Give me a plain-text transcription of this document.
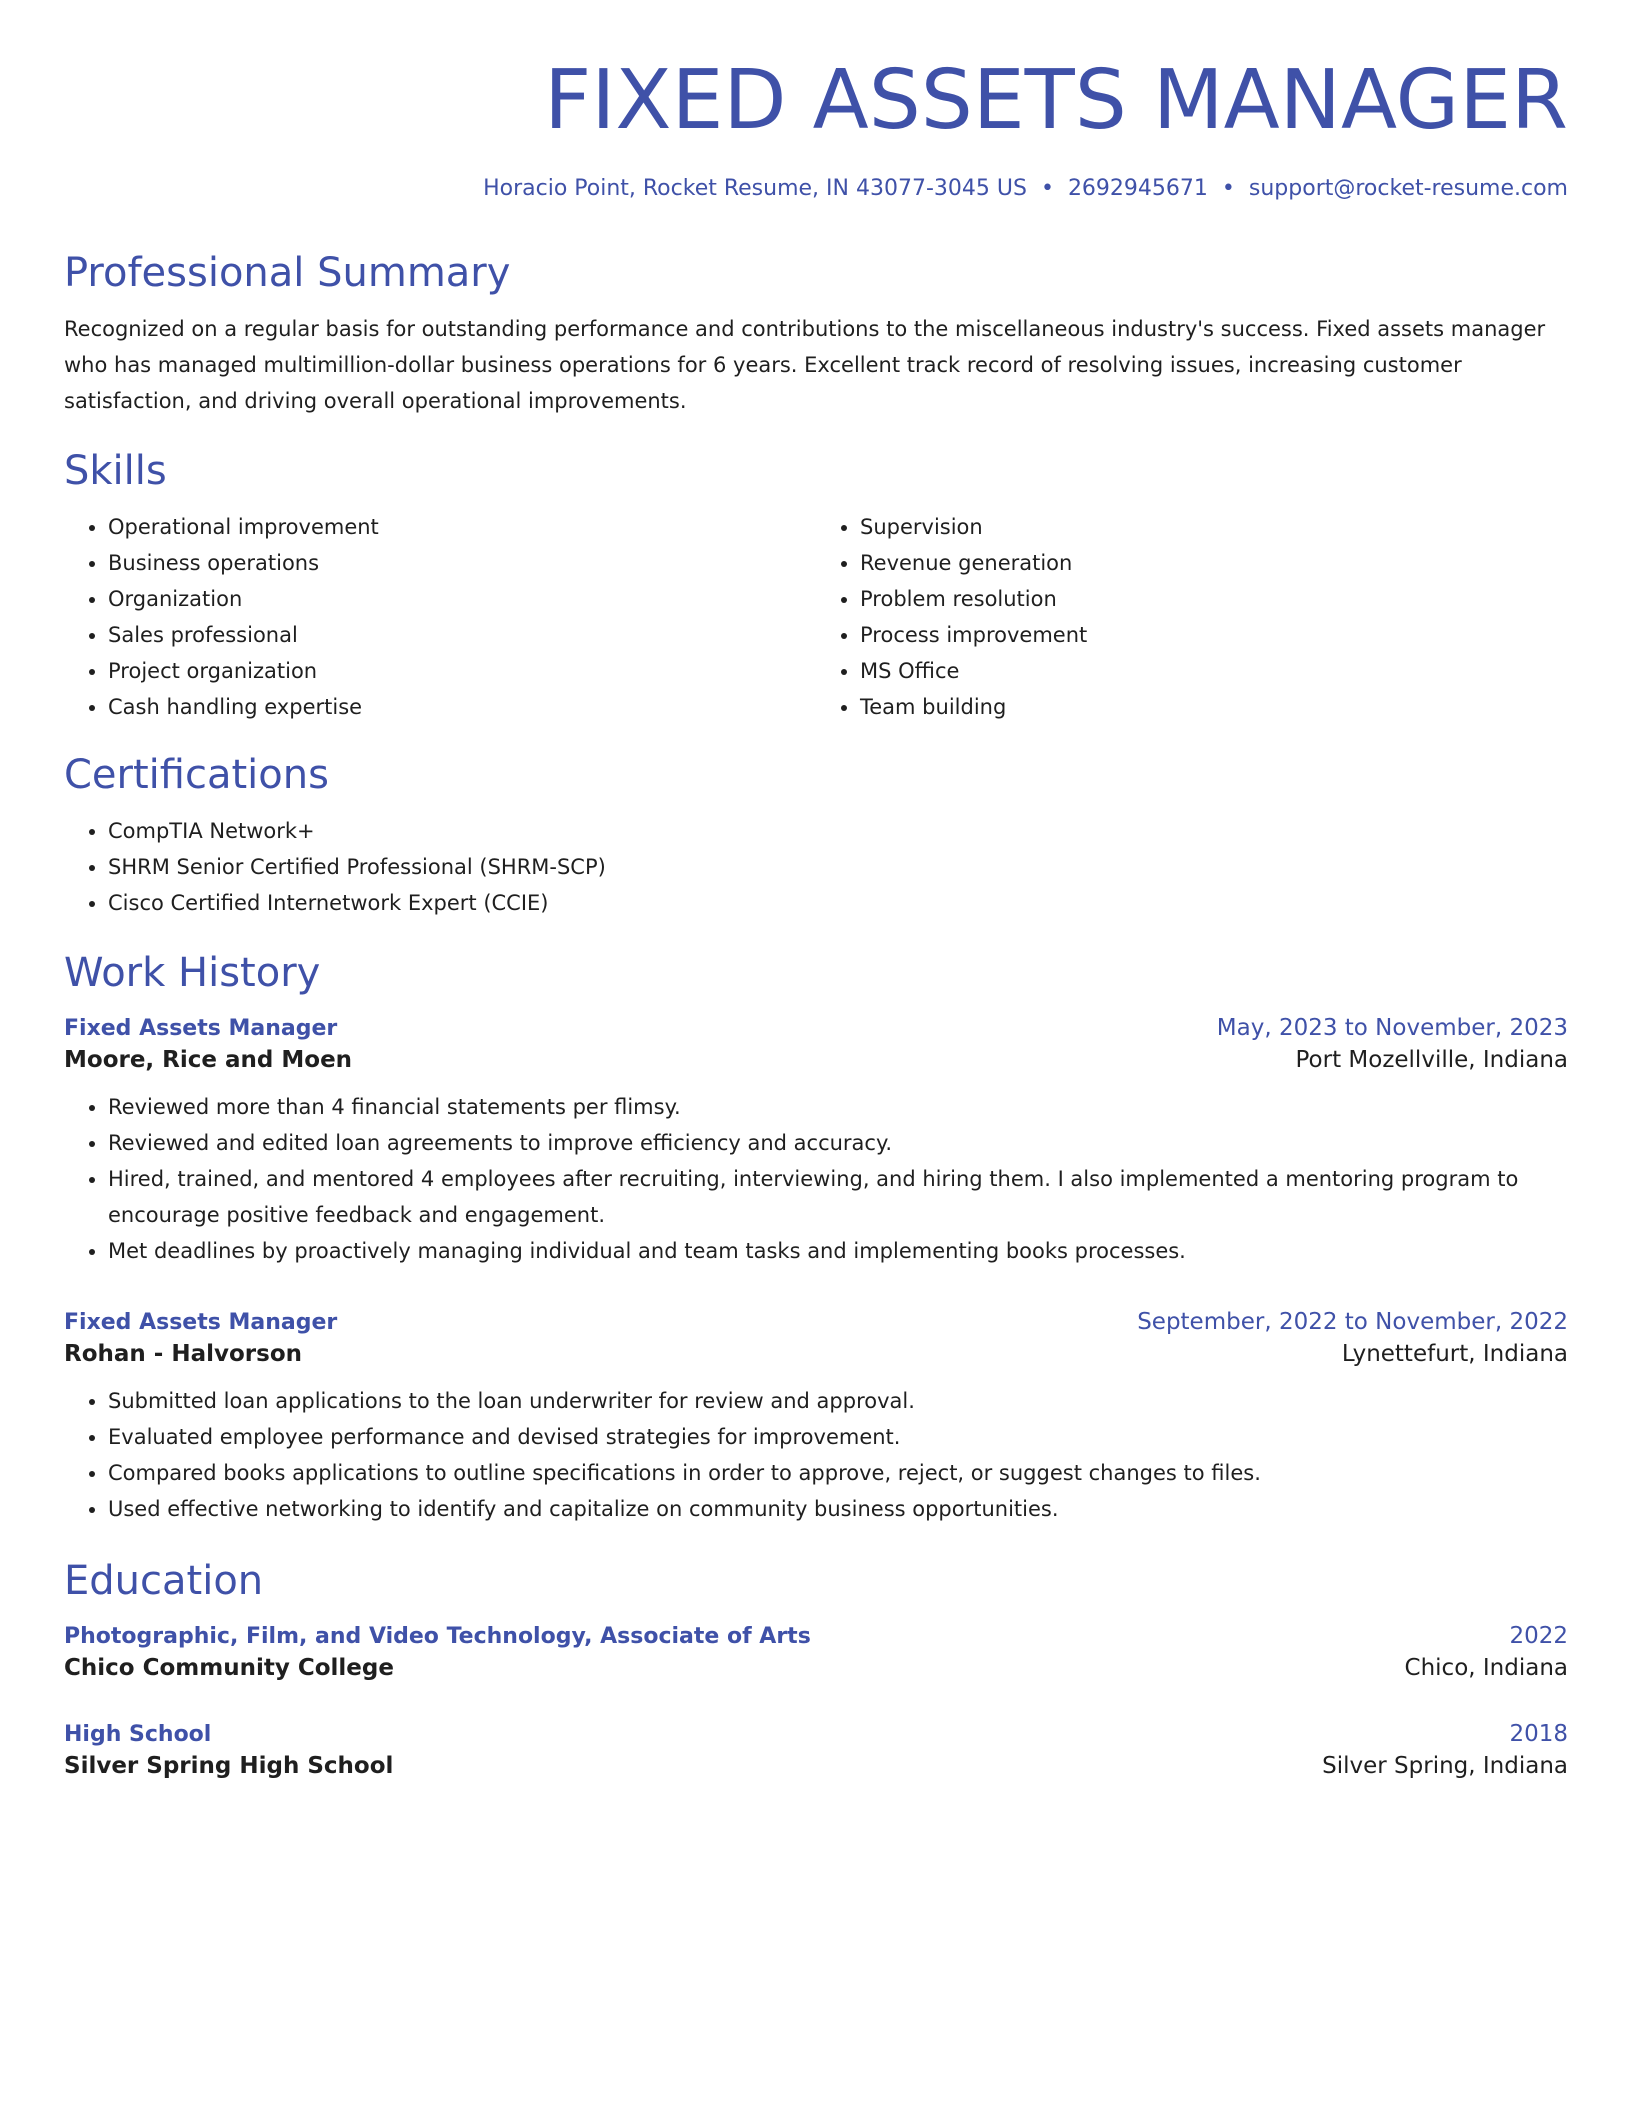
FIXED ASSETS MANAGER
Horacio Point, Rocket Resume, IN 43077-3045 US • 2692945671 • support@rocket-resume.com
Professional Summary

Recognized on a regular basis for outstanding performance and contributions to the miscellaneous industry's success. Fixed assets manager who has managed multimillion-dollar business operations for 6 years. Excellent track record of resolving issues, increasing customer satisfaction, and driving overall operational improvements.

Skills
• Operational improvement
• Business operations
• Organization
• Sales professional
• Project organization
• Cash handling expertise
• Supervision
• Revenue generation
• Problem resolution
• Process improvement
• MS Office
• Team building
Certifications
• CompTIA Network+
• SHRM Senior Certified Professional (SHRM-SCP)
• Cisco Certified Internetwork Expert (CCIE)
Work History
Fixed Assets Manager	May, 2023 to November, 2023
Moore, Rice and Moen	Port Mozellville, Indiana
• Reviewed more than 4 financial statements per flimsy.
• Reviewed and edited loan agreements to improve efficiency and accuracy.
• Hired, trained, and mentored 4 employees after recruiting, interviewing, and hiring them. I also implemented a mentoring program to encourage positive feedback and engagement.
• Met deadlines by proactively managing individual and team tasks and implementing books processes.
Fixed Assets Manager	September, 2022 to November, 2022
Rohan - Halvorson	Lynettefurt, Indiana
• Submitted loan applications to the loan underwriter for review and approval.
• Evaluated employee performance and devised strategies for improvement.
• Compared books applications to outline specifications in order to approve, reject, or suggest changes to files.
• Used effective networking to identify and capitalize on community business opportunities.
Education
Photographic, Film, and Video Technology, Associate of Arts	2022
Chico Community College	Chico, Indiana
High School	2018
Silver Spring High School	Silver Spring, Indiana
